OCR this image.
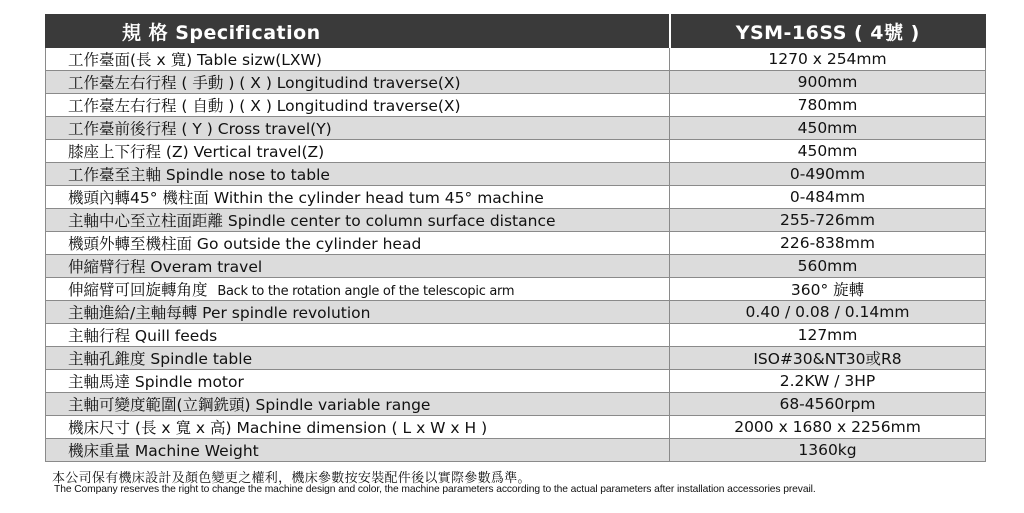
規 格 Specification	YSM-16SS ( 4號 )
工作臺面(長 x 寬) Table sizw(LXW)	1270 x 254mm
工作臺左右行程 ( 手動 ) ( X ) Longitudind traverse(X)	900mm
工作臺左右行程 ( 自動 ) ( X ) Longitudind traverse(X)	780mm
工作臺前後行程 ( Y ) Cross travel(Y)	450mm
膝座上下行程 (Z) Vertical travel(Z)	450mm
工作臺至主軸 Spindle nose to table	0-490mm
機頭內轉45° 機柱面 Within the cylinder head tum 45° machine	0-484mm
主軸中心至立柱面距離 Spindle center to column surface distance	255-726mm
機頭外轉至機柱面 Go outside the cylinder head	226-838mm
伸縮臂行程 Overam travel	560mm
伸縮臂可回旋轉角度 Back to the rotation angle of the telescopic arm	360° 旋轉
主軸進給/主軸每轉 Per spindle revolution	0.40 / 0.08 / 0.14mm
主軸行程 Quill feeds	127mm
主軸孔錐度 Spindle table	ISO#30&NT30或R8
主軸馬達 Spindle motor	2.2KW / 3HP
主軸可變度範圍(立鋼銑頭) Spindle variable range	68-4560rpm
機床尺寸 (長 x 寬 x 高) Machine dimension ( L x W x H )	2000 x 1680 x 2256mm
機床重量 Machine Weight	1360kg
本公司保有機床設計及顏色變更之權利，機床參數按安裝配件後以實際參數爲準。
The Company reserves the right to change the machine design and color, the machine parameters according to the actual parameters after installation accessories prevail.
